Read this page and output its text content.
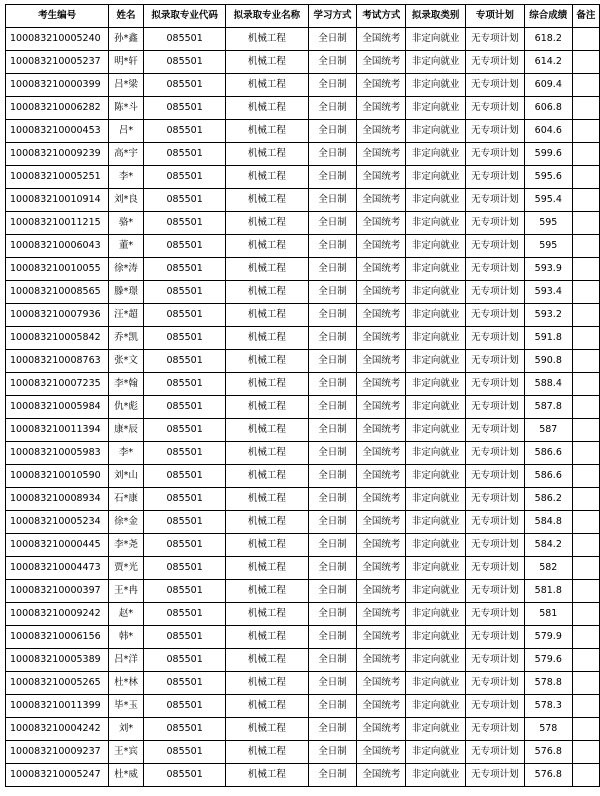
考生编号	姓名	拟录取专业代码	拟录取专业名称	学习方式	考试方式	拟录取类别	专项计划	综合成绩	备注
100083210005240	孙*鑫	085501	机械工程	全日制	全国统考	非定向就业	无专项计划	618.2	
100083210005237	明*轩	085501	机械工程	全日制	全国统考	非定向就业	无专项计划	614.2	
100083210000399	吕*梁	085501	机械工程	全日制	全国统考	非定向就业	无专项计划	609.4	
100083210006282	陈*斗	085501	机械工程	全日制	全国统考	非定向就业	无专项计划	606.8	
100083210000453	吕*	085501	机械工程	全日制	全国统考	非定向就业	无专项计划	604.6	
100083210009239	高*宇	085501	机械工程	全日制	全国统考	非定向就业	无专项计划	599.6	
100083210005251	李*	085501	机械工程	全日制	全国统考	非定向就业	无专项计划	595.6	
100083210010914	刘*良	085501	机械工程	全日制	全国统考	非定向就业	无专项计划	595.4	
100083210011215	骆*	085501	机械工程	全日制	全国统考	非定向就业	无专项计划	595	
100083210006043	董*	085501	机械工程	全日制	全国统考	非定向就业	无专项计划	595	
100083210010055	徐*涛	085501	机械工程	全日制	全国统考	非定向就业	无专项计划	593.9	
100083210008565	滕*璟	085501	机械工程	全日制	全国统考	非定向就业	无专项计划	593.4	
100083210007936	汪*超	085501	机械工程	全日制	全国统考	非定向就业	无专项计划	593.2	
100083210005842	乔*凯	085501	机械工程	全日制	全国统考	非定向就业	无专项计划	591.8	
100083210008763	张*文	085501	机械工程	全日制	全国统考	非定向就业	无专项计划	590.8	
100083210007235	李*翰	085501	机械工程	全日制	全国统考	非定向就业	无专项计划	588.4	
100083210005984	仇*彪	085501	机械工程	全日制	全国统考	非定向就业	无专项计划	587.8	
100083210011394	康*辰	085501	机械工程	全日制	全国统考	非定向就业	无专项计划	587	
100083210005983	李*	085501	机械工程	全日制	全国统考	非定向就业	无专项计划	586.6	
100083210010590	刘*山	085501	机械工程	全日制	全国统考	非定向就业	无专项计划	586.6	
100083210008934	石*康	085501	机械工程	全日制	全国统考	非定向就业	无专项计划	586.2	
100083210005234	徐*金	085501	机械工程	全日制	全国统考	非定向就业	无专项计划	584.8	
100083210000445	李*尧	085501	机械工程	全日制	全国统考	非定向就业	无专项计划	584.2	
100083210004473	贾*光	085501	机械工程	全日制	全国统考	非定向就业	无专项计划	582	
100083210000397	王*冉	085501	机械工程	全日制	全国统考	非定向就业	无专项计划	581.8	
100083210009242	赵*	085501	机械工程	全日制	全国统考	非定向就业	无专项计划	581	
100083210006156	韩*	085501	机械工程	全日制	全国统考	非定向就业	无专项计划	579.9	
100083210005389	吕*洋	085501	机械工程	全日制	全国统考	非定向就业	无专项计划	579.6	
100083210005265	杜*林	085501	机械工程	全日制	全国统考	非定向就业	无专项计划	578.8	
100083210011399	毕*玉	085501	机械工程	全日制	全国统考	非定向就业	无专项计划	578.3	
100083210004242	刘*	085501	机械工程	全日制	全国统考	非定向就业	无专项计划	578	
100083210009237	王*宾	085501	机械工程	全日制	全国统考	非定向就业	无专项计划	576.8	
100083210005247	杜*威	085501	机械工程	全日制	全国统考	非定向就业	无专项计划	576.8	
